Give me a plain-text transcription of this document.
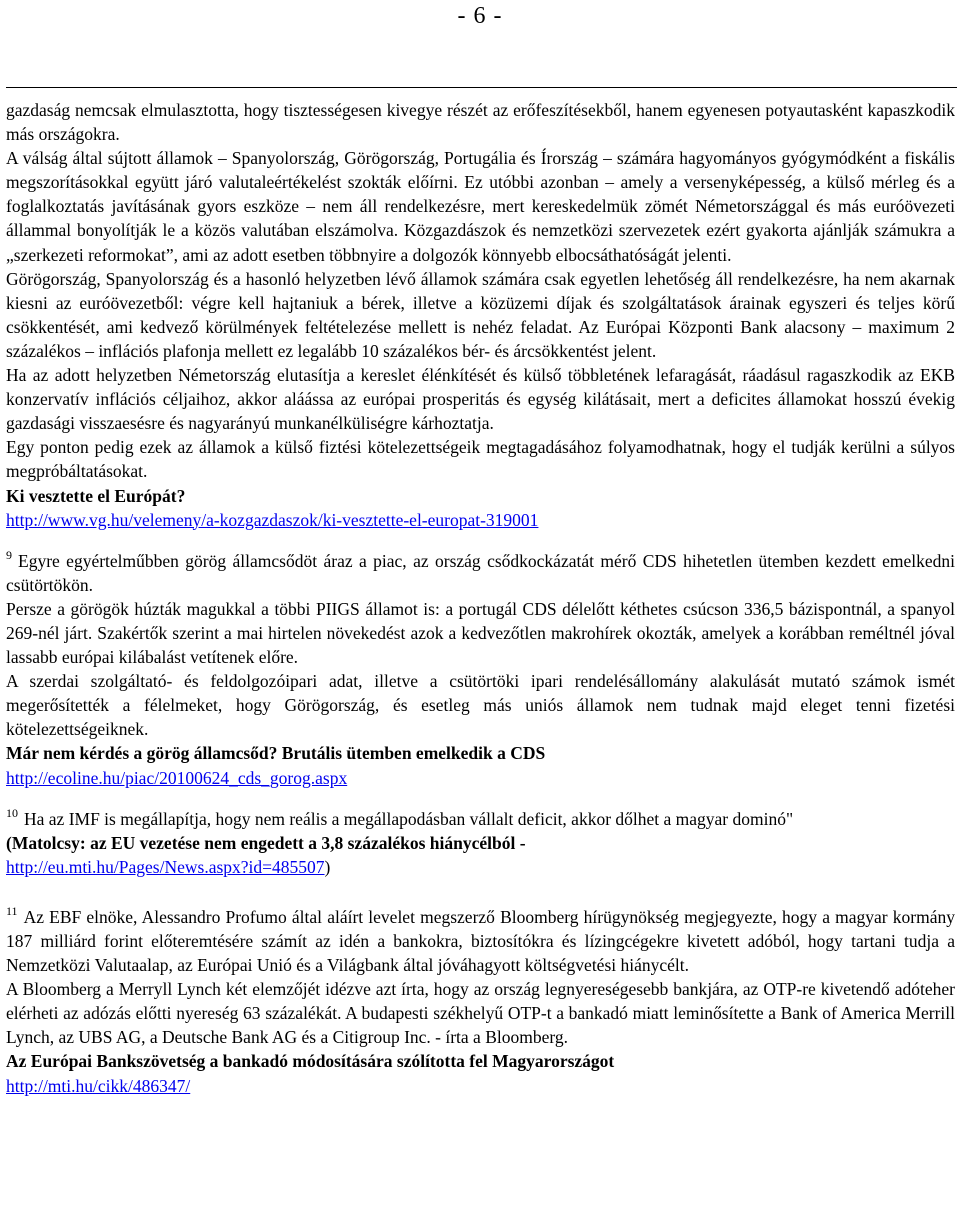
- 6 -

gazdaság nemcsak elmulasztotta, hogy tisztességesen kivegye részét az erőfeszítésekből, hanem egyenesen potyautasként kapaszkodik más országokra.

A válság által sújtott államok – Spanyolország, Görögország, Portugália és Írország – számára hagyományos gyógymódként a fiskális megszorításokkal együtt járó valutaleértékelést szokták előírni. Ez utóbbi azonban – amely a versenyképesség, a külső mérleg és a foglalkoztatás javításának gyors eszköze – nem áll rendelkezésre, mert kereskedelmük zömét Németországgal és más euróövezeti állammal bonyolítják le a közös valutában elszámolva. Közgazdászok és nemzetközi szervezetek ezért gyakorta ajánlják számukra a „szerkezeti reformokat”, ami az adott esetben többnyire a dolgozók könnyebb elbocsáthatóságát jelenti.

Görögország, Spanyolország és a hasonló helyzetben lévő államok számára csak egyetlen lehetőség áll rendelkezésre, ha nem akarnak kiesni az euróövezetből: végre kell hajtaniuk a bérek, illetve a közüzemi díjak és szolgáltatások árainak egyszeri és teljes körű csökkentését, ami kedvező körülmények feltételezése mellett is nehéz feladat. Az Európai Központi Bank alacsony – maximum 2 százalékos – inflációs plafonja mellett ez legalább 10 százalékos bér- és árcsökkentést jelent.

Ha az adott helyzetben Németország elutasítja a kereslet élénkítését és külső többletének lefaragását, ráadásul ragaszkodik az EKB konzervatív inflációs céljaihoz, akkor aláássa az európai prosperitás és egység kilátásait, mert a deficites államokat hosszú évekig gazdasági visszaesésre és nagyarányú munkanélküliségre kárhoztatja.

Egy ponton pedig ezek az államok a külső fiztési kötelezettségeik megtagadásához folyamodhatnak, hogy el tudják kerülni a súlyos megpróbáltatásokat.

Ki vesztette el Európát?

http://www.vg.hu/velemeny/a-kozgazdaszok/ki-vesztette-el-europat-319001

$^9$ Egyre egyértelműbben görög államcsődöt áraz a piac, az ország csődkockázatát mérő CDS hihetetlen ütemben kezdett emelkedni csütörtökön.

Persze a görögök húzták magukkal a többi PIIGS államot is: a portugál CDS délelőtt kéthetes csúcson 336,5 bázispontnál, a spanyol 269-nél járt. Szakértők szerint a mai hirtelen növekedést azok a kedvezőtlen makrohírek okozták, amelyek a korábban reméltnél jóval lassabb európai kilábalást vetítenek előre.

A szerdai szolgáltató- és feldolgozóipari adat, illetve a csütörtöki ipari rendelésállomány alakulását mutató számok ismét megerősítették a félelmeket, hogy Görögország, és esetleg más uniós államok nem tudnak majd eleget tenni fizetési kötelezettségeiknek.

Már nem kérdés a görög államcsőd? Brutális ütemben emelkedik a CDS

http://ecoline.hu/piac/20100624_cds_gorog.aspx

$^{10}$ Ha az IMF is megállapítja, hogy nem reális a megállapodásban vállalt deficit, akkor dőlhet a magyar dominó"

(Matolcsy: az EU vezetése nem engedett a 3,8 százalékos hiánycélból -

http://eu.mti.hu/Pages/News.aspx?id=485507)

$^{11}$ Az EBF elnöke, Alessandro Profumo által aláírt levelet megszerző Bloomberg hírügynökség megjegyezte, hogy a magyar kormány 187 milliárd forint előteremtésére számít az idén a bankokra, biztosítókra és lízingcégekre kivetett adóból, hogy tartani tudja a Nemzetközi Valutaalap, az Európai Unió és a Világbank által jóváhagyott költségvetési hiánycélt.

A Bloomberg a Merryll Lynch két elemzőjét idézve azt írta, hogy az ország legnyereségesebb bankjára, az OTP-re kivetendő adóteher elérheti az adózás előtti nyereség 63 százalékát. A budapesti székhelyű OTP-t a bankadó miatt leminősítette a Bank of America Merrill Lynch, az UBS AG, a Deutsche Bank AG és a Citigroup Inc. - írta a Bloomberg.

Az Európai Bankszövetség a bankadó módosítására szólította fel Magyarországot

http://mti.hu/cikk/486347/
